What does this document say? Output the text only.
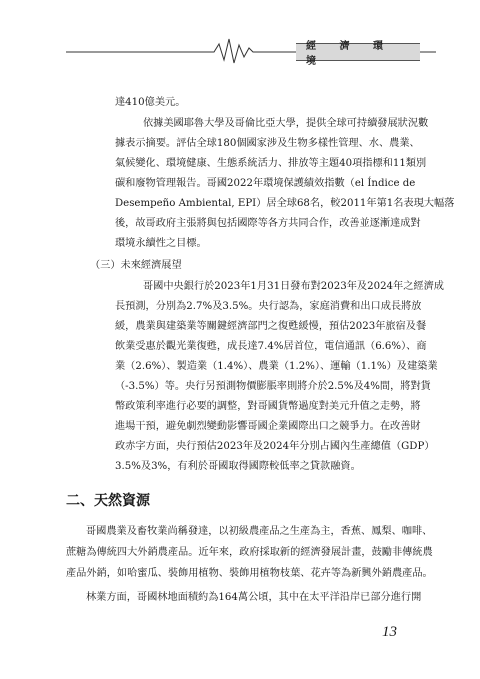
經 濟 環 境

達410億美元。

依據美國耶魯大學及哥倫比亞大學，提供全球可持續發展狀況數

據表示摘要。評估全球180個國家涉及生物多樣性管理、水、農業、

氣候變化、環境健康、生態系統活力、排放等主題40項指標和11類別

碳和廢物管理報告。哥國2022年環境保護績效指數（el Índice de

Desempeño Ambiental, EPI）居全球68名，較2011年第1名表現大幅落

後，故哥政府主張將與包括國際等各方共同合作，改善並逐漸達成對

環境永續性之目標。

（三）未來經濟展望

哥國中央銀行於2023年1月31日發布對2023年及2024年之經濟成

長預測，分別為2.7%及3.5%。央行認為，家庭消費和出口成長將放

緩，農業與建築業等關鍵經濟部門之復甦緩慢，預估2023年旅宿及餐

飲業受惠於觀光業復甦，成長達7.4%居首位，電信通訊（6.6%）、商

業（2.6%）、製造業（1.4%）、農業（1.2%）、運輸（1.1%）及建築業

（-3.5%）等。央行另預測物價膨脹率則將介於2.5%及4%間，將對貨

幣政策利率進行必要的調整，對哥國貨幣過度對美元升值之走勢，將

進場干預，避免劇烈變動影響哥國企業國際出口之競爭力。在改善財

政赤字方面，央行預估2023年及2024年分別占國內生產總值（GDP）

3.5%及3%，有利於哥國取得國際較低率之貸款融資。

二、天然資源

哥國農業及畜牧業尚稱發達，以初級農產品之生產為主，香蕉、鳳梨、咖啡、

蔗糖為傳統四大外銷農產品。近年來，政府採取新的經濟發展計畫，鼓勵非傳統農

產品外銷，如哈蜜瓜、裝飾用植物、裝飾用植物枝葉、花卉等為新興外銷農產品。

林業方面，哥國林地面積約為164萬公頃，其中在太平洋沿岸已部分進行開

13
